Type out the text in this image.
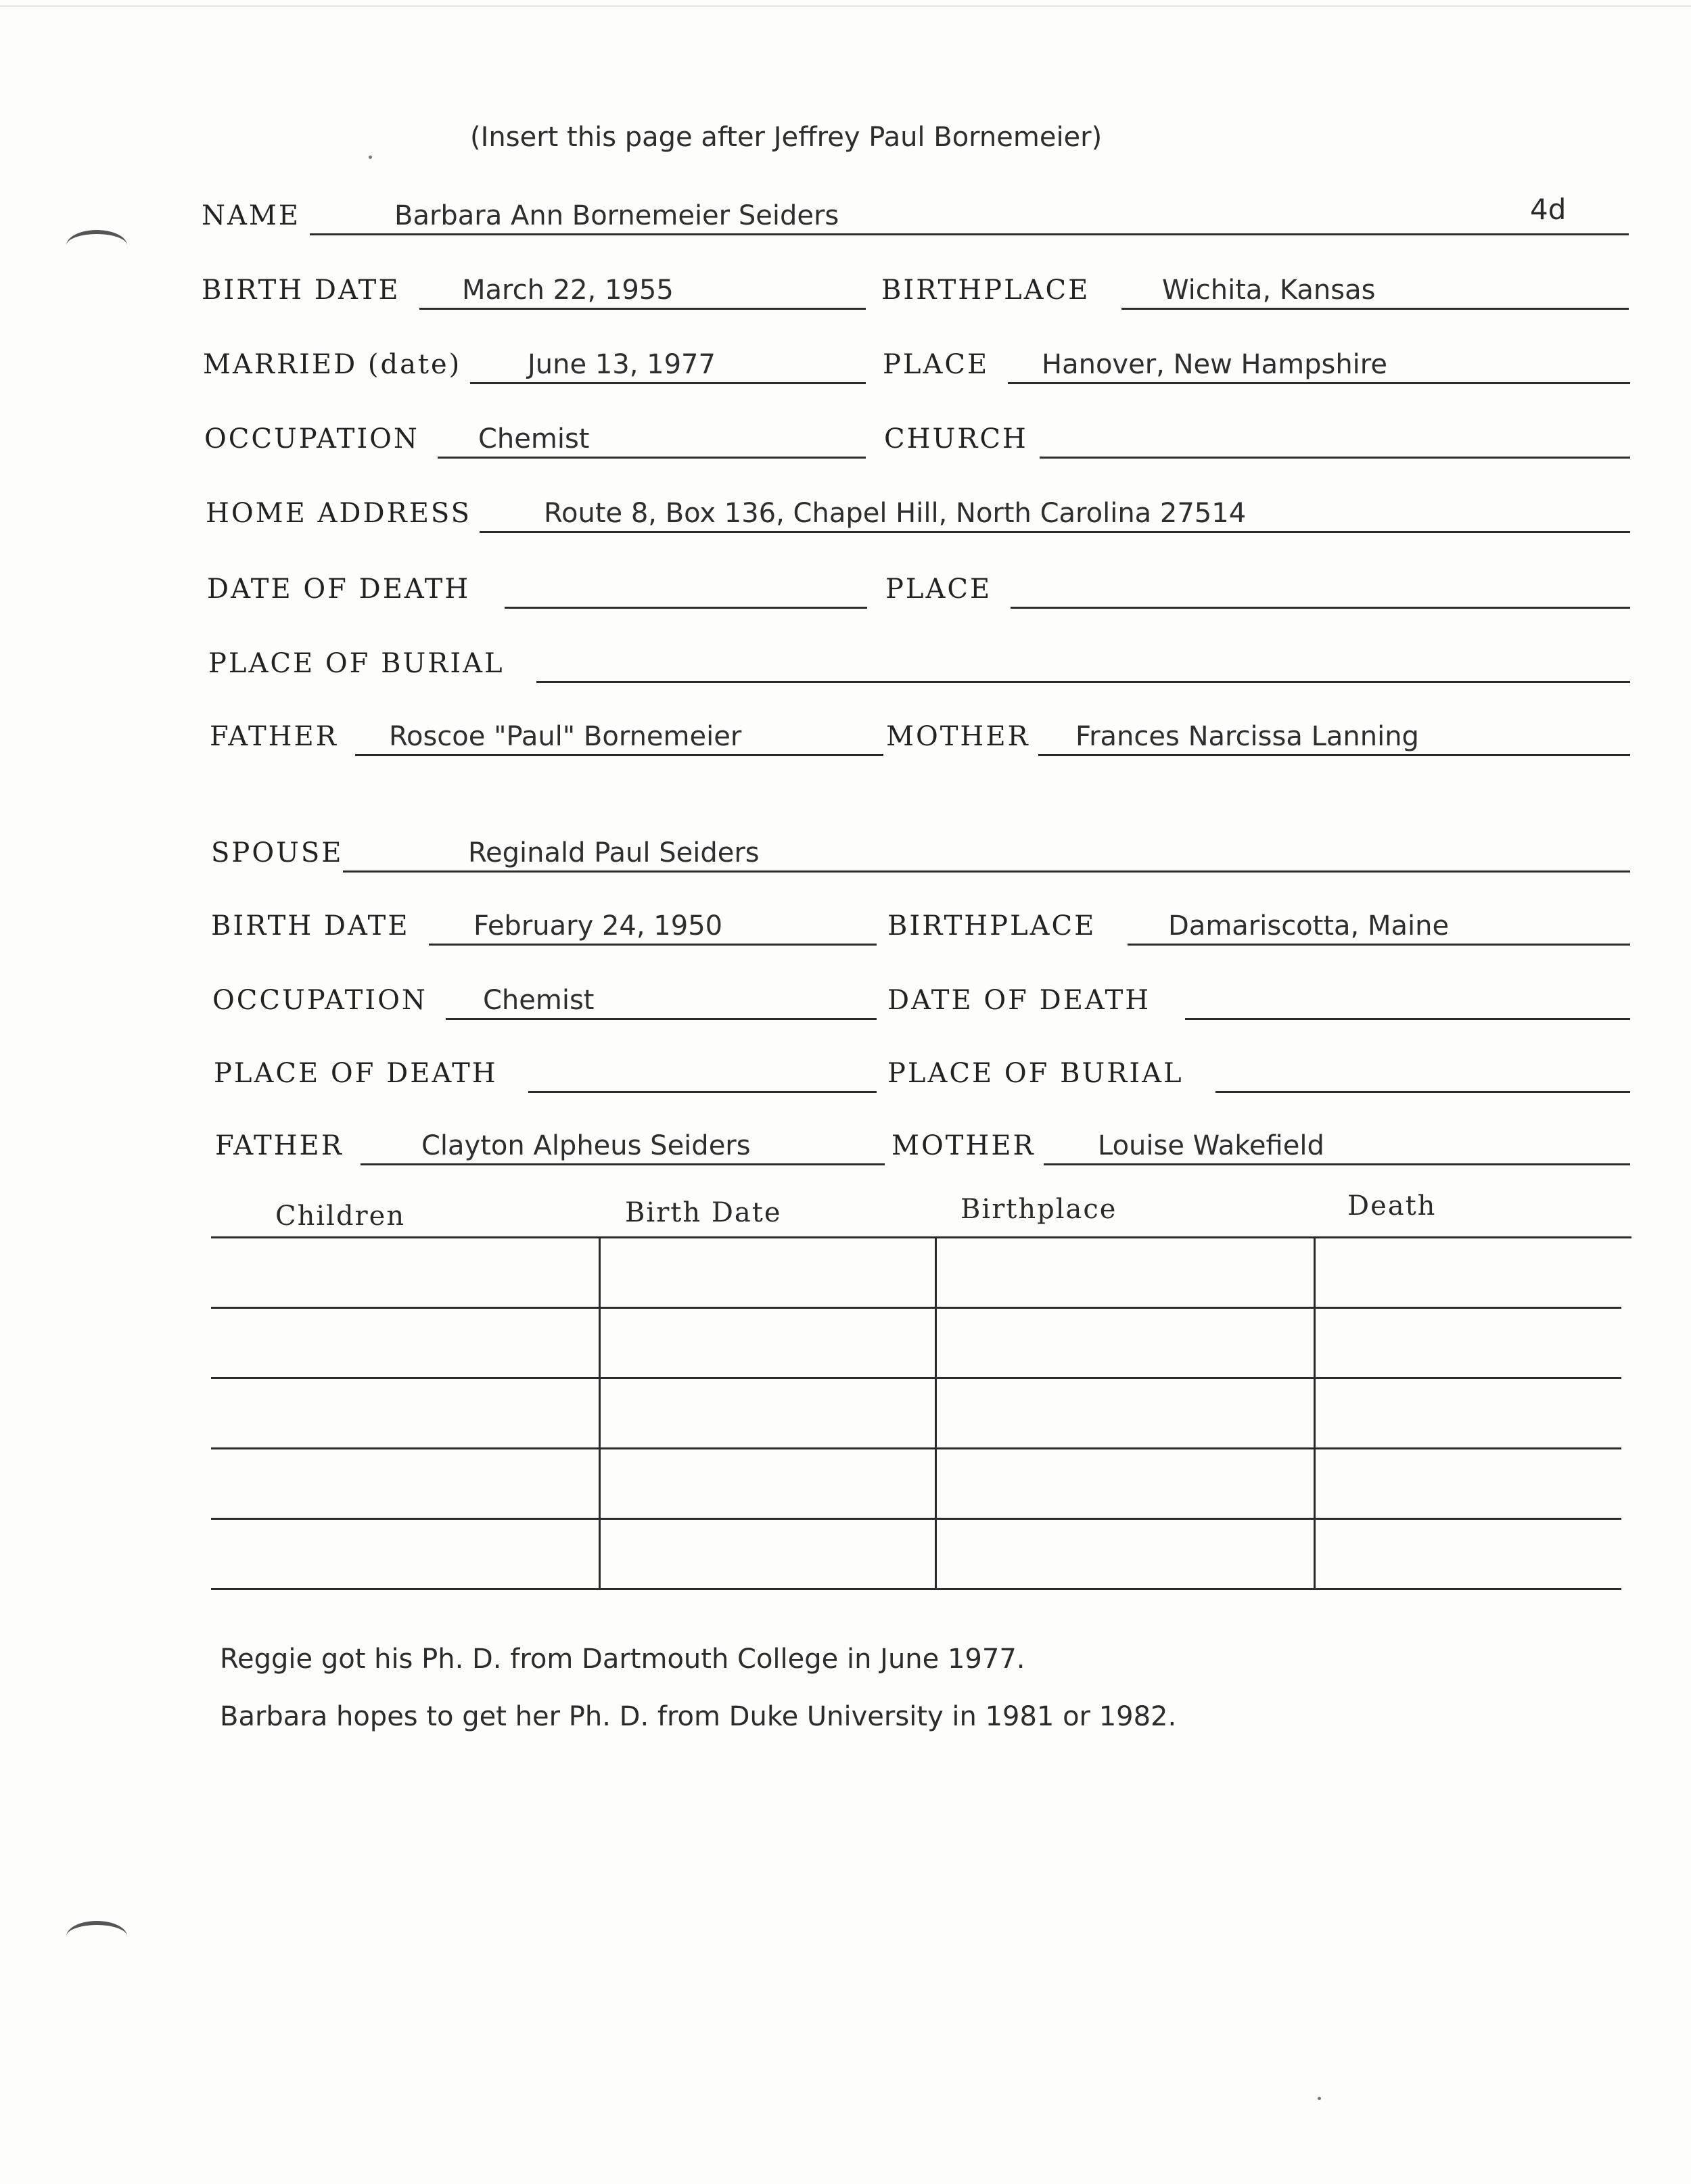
(Insert this page after Jeffrey Paul Bornemeier)
4d
NAME	Barbara Ann Bornemeier Seiders
BIRTH DATE March 22, 1955	BIRTHPLACE	Wichita, Kansas
MARRIED (date) June 13, 1977	PLACE Hanover, New Hampshire
OCCUPATION Chemist	CHURCH
HOME ADDRESS	Route 8, Box 136, Chapel Hill, North Carolina 27514
DATE OF DEATH	PLACE
PLACE OF BURIAL
FATHER Roscoe "Paul" Bornemeier	MOTHER Frances Narcissa Lanning
SPOUSE	Reginald Paul Seiders
BIRTH DATE February 24, 1950	BIRTHPLACE	Damariscotta, Maine
OCCUPATION Chemist	DATE OF DEATH
PLACE OF DEATH	PLACE OF BURIAL
FATHER	Clayton Alpheus Seiders	MOTHER Louise Wakefield
Children	Birth Date	Birthplace	Death
Reggie got his Ph. D. from Dartmouth College in June 1977.
Barbara hopes to get her Ph. D. from Duke University in 1981 or 1982.
